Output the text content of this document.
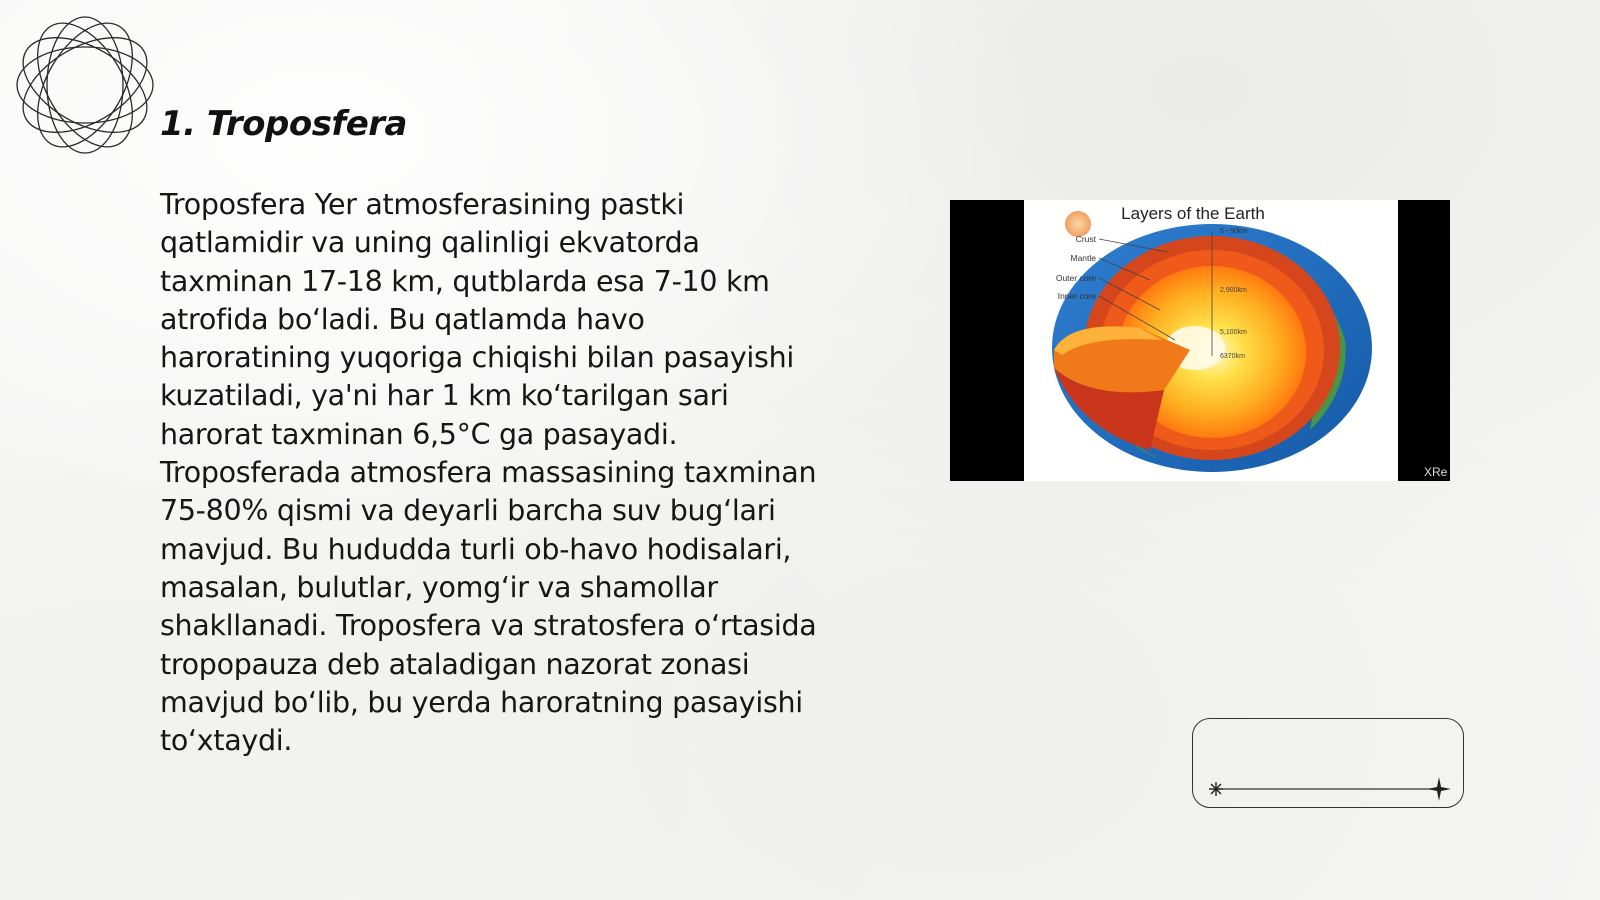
1. Troposfera

Troposfera Yer atmosferasining pastki qatlamidir va uning qalinligi ekvatorda taxminan 17-18 km, qutblarda esa 7-10 km atrofida bo‘ladi. Bu qatlamda havo haroratining yuqoriga chiqishi bilan pasayishi kuzatiladi, ya'ni har 1 km ko‘tarilgan sari harorat taxminan 6,5°C ga pasayadi. Troposferada atmosfera massasining taxminan 75-80% qismi va deyarli barcha suv bug‘lari mavjud. Bu hududda turli ob-havo hodisalari, masalan, bulutlar, yomg‘ir va shamollar shakllanadi. Troposfera va stratosfera o‘rtasida tropopauza deb ataladigan nazorat zonasi mavjud bo‘lib, bu yerda haroratning pasayishi to‘xtaydi.

Layers of the Earth
Crust
Mantle
Outer core
Inner core
5 - 50km
2,900km
5,100km
6370km
XRe
